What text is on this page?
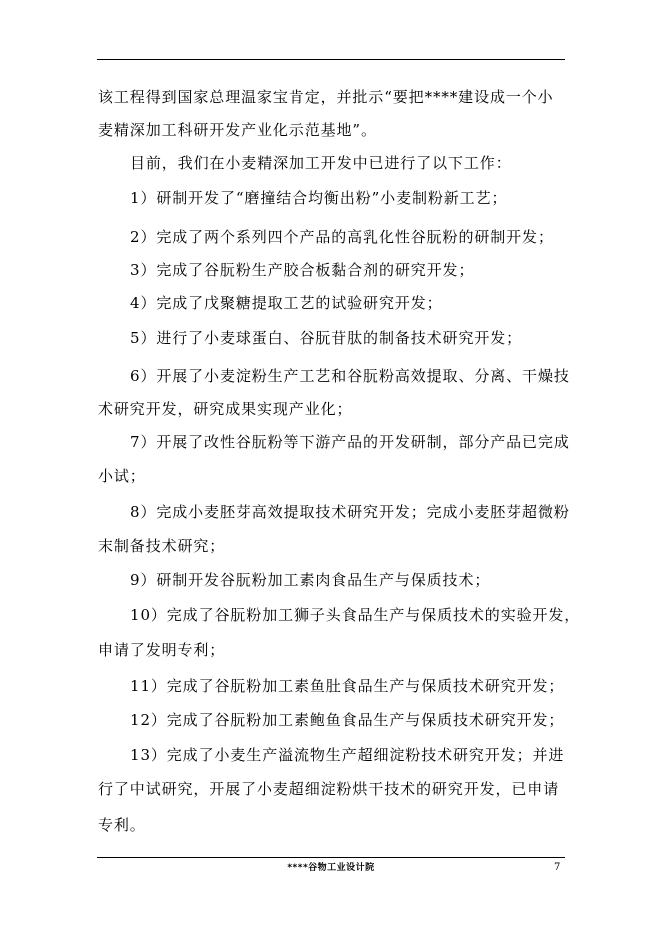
该工程得到国家总理温家宝肯定，并批示“要把****建设成一个小
麦精深加工科研开发产业化示范基地”。
目前，我们在小麦精深加工开发中已进行了以下工作：
1）研制开发了“磨撞结合均衡出粉”小麦制粉新工艺；
2）完成了两个系列四个产品的高乳化性谷朊粉的研制开发；
3）完成了谷朊粉生产胶合板黏合剂的研究开发；
4）完成了戊聚糖提取工艺的试验研究开发；
5）进行了小麦球蛋白、谷朊苷肽的制备技术研究开发；
6）开展了小麦淀粉生产工艺和谷朊粉高效提取、分离、干燥技
术研究开发，研究成果实现产业化；
7）开展了改性谷朊粉等下游产品的开发研制，部分产品已完成
小试；
8）完成小麦胚芽高效提取技术研究开发；完成小麦胚芽超微粉
末制备技术研究；
9）研制开发谷朊粉加工素肉食品生产与保质技术；
10）完成了谷朊粉加工狮子头食品生产与保质技术的实验开发，
申请了发明专利；
11）完成了谷朊粉加工素鱼肚食品生产与保质技术研究开发；
12）完成了谷朊粉加工素鲍鱼食品生产与保质技术研究开发；
13）完成了小麦生产溢流物生产超细淀粉技术研究开发；并进
行了中试研究，开展了小麦超细淀粉烘干技术的研究开发，已申请
专利。
****谷物工业设计院	7
